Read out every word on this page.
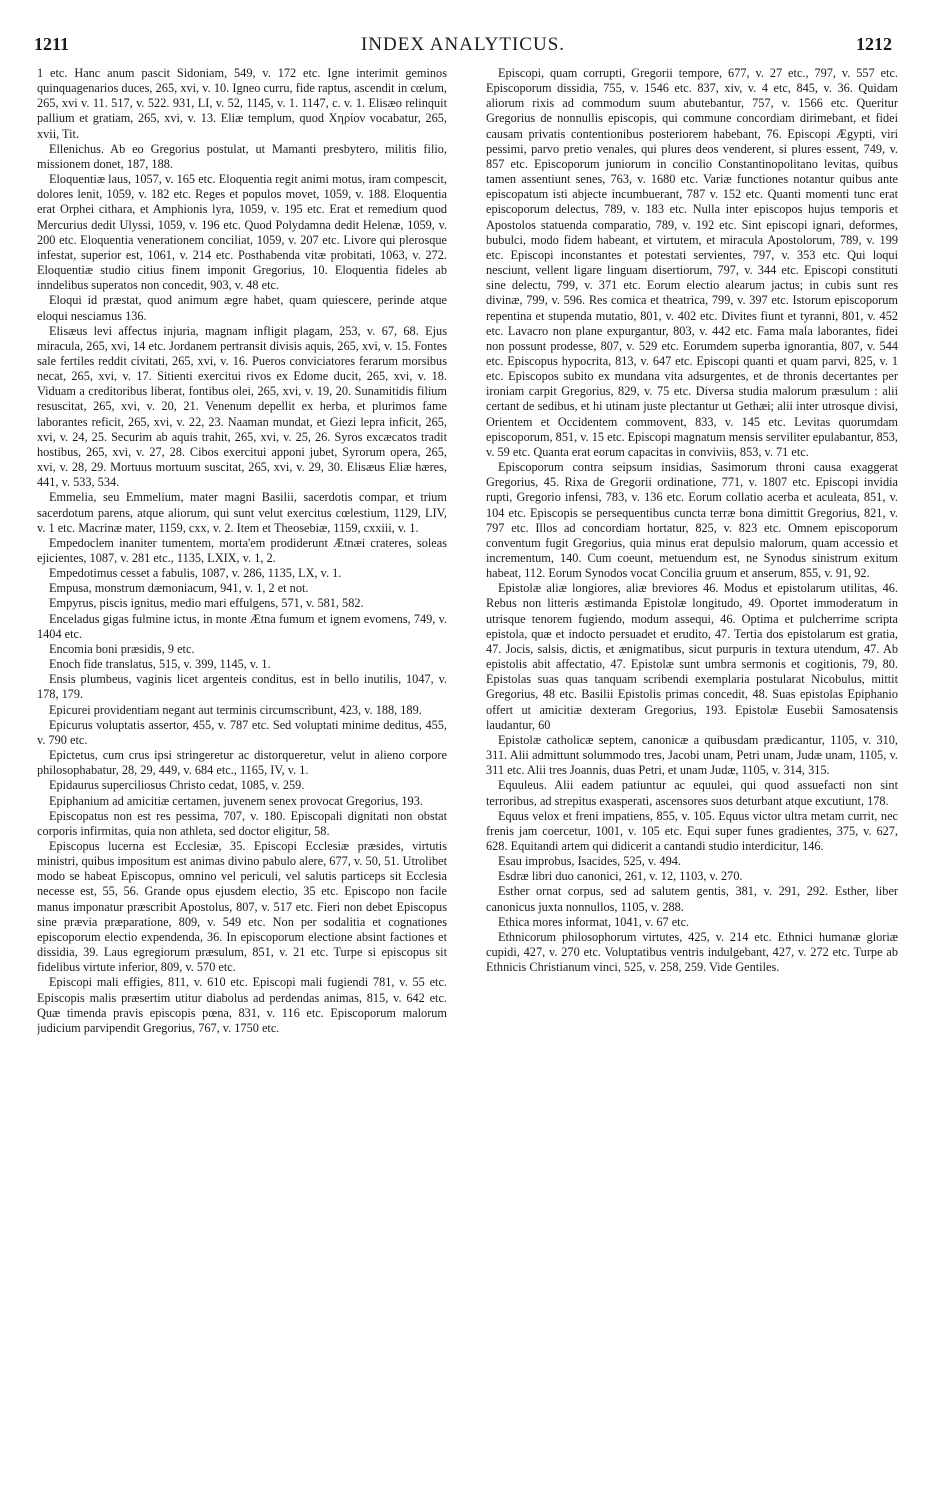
1211	INDEX ANALYTICUS.	1212

1 etc. Hanc anum pascit Sidoniam, 549, v. 172 etc. Igne interimit geminos quinquagenarios duces, 265, xvi, v. 10. Igneo curru, fide raptus, ascendit in cœlum, 265, xvi v. 11. 517, v. 522. 931, LI, v. 52, 1145, v. 1. 1147, c. v. 1. Elisæo relinquit pallium et gratiam, 265, xvi, v. 13. Eliæ templum, quod Χηρίον vocabatur, 265, xvii, Tit.

Ellenichus. Ab eo Gregorius postulat, ut Mamanti presbytero, militis filio, missionem donet, 187, 188.

Eloquentiæ laus, 1057, v. 165 etc. Eloquentia regit animi motus, iram compescit, dolores lenit, 1059, v. 182 etc. Reges et populos movet, 1059, v. 188. Eloquentia erat Orphei cithara, et Amphionis lyra, 1059, v. 195 etc. Erat et remedium quod Mercurius dedit Ulyssi, 1059, v. 196 etc. Quod Polydamna dedit Helenæ, 1059, v. 200 etc. Eloquentia venerationem conciliat, 1059, v. 207 etc. Livore qui plerosque infestat, superior est, 1061, v. 214 etc. Posthabenda vitæ probitati, 1063, v. 272. Eloquentiæ studio citius finem imponit Gregorius, 10. Eloquentia fideles ab inndelibus superatos non concedit, 903, v. 48 etc.

Eloqui id præstat, quod animum ægre habet, quam quiescere, perinde atque eloqui nesciamus 136.

Elisæus levi affectus injuria, magnam infligit plagam, 253, v. 67, 68. Ejus miracula, 265, xvi, 14 etc. Jordanem pertransit divisis aquis, 265, xvi, v. 15. Fontes sale fertiles reddit civitati, 265, xvi, v. 16. Pueros conviciatores ferarum morsibus necat, 265, xvi, v. 17. Sitienti exercitui rivos ex Edome ducit, 265, xvi, v. 18. Viduam a creditoribus liberat, fontibus olei, 265, xvi, v. 19, 20. Sunamitidis filium resuscitat, 265, xvi, v. 20, 21. Venenum depellit ex herba, et plurimos fame laborantes reficit, 265, xvi, v. 22, 23. Naaman mundat, et Giezi lepra inficit, 265, xvi, v. 24, 25. Securim ab aquis trahit, 265, xvi, v. 25, 26. Syros excæcatos tradit hostibus, 265, xvi, v. 27, 28. Cibos exercitui apponi jubet, Syrorum opera, 265, xvi, v. 28, 29. Mortuus mortuum suscitat, 265, xvi, v. 29, 30. Elisæus Eliæ hæres, 441, v. 533, 534.

Emmelia, seu Emmelium, mater magni Basilii, sacerdotis compar, et trium sacerdotum parens, atque aliorum, qui sunt velut exercitus cœlestium, 1129, LIV, v. 1 etc. Macrinæ mater, 1159, cxx, v. 2. Item et Theosebiæ, 1159, cxxiii, v. 1.

Empedoclem inaniter tumentem, morta'em prodiderunt Ætnæi crateres, soleas ejicientes, 1087, v. 281 etc., 1135, LXIX, v. 1, 2.

Empedotimus cesset a fabulis, 1087, v. 286, 1135, LX, v. 1.

Empusa, monstrum dæmoniacum, 941, v. 1, 2 et not.

Empyrus, piscis ignitus, medio mari effulgens, 571, v. 581, 582.

Enceladus gigas fulmine ictus, in monte Ætna fumum et ignem evomens, 749, v. 1404 etc.

Encomia boni præsidis, 9 etc.

Enoch fide translatus, 515, v. 399, 1145, v. 1.

Ensis plumbeus, vaginis licet argenteis conditus, est in bello inutilis, 1047, v. 178, 179.

Epicurei providentiam negant aut terminis circumscribunt, 423, v. 188, 189.

Epicurus voluptatis assertor, 455, v. 787 etc. Sed voluptati minime deditus, 455, v. 790 etc.

Epictetus, cum crus ipsi stringeretur ac distorqueretur, velut in alieno corpore philosophabatur, 28, 29, 449, v. 684 etc., 1165, IV, v. 1.

Epidaurus superciliosus Christo cedat, 1085, v. 259.

Epiphanium ad amicitiæ certamen, juvenem senex provocat Gregorius, 193.

Episcopatus non est res pessima, 707, v. 180. Episcopali dignitati non obstat corporis infirmitas, quia non athleta, sed doctor eligitur, 58.

Episcopus lucerna est Ecclesiæ, 35. Episcopi Ecclesiæ præsides, virtutis ministri, quibus impositum est animas divino pabulo alere, 677, v. 50, 51. Utrolibet modo se habeat Episcopus, omnino vel periculi, vel salutis particeps sit Ecclesia necesse est, 55, 56. Grande opus ejusdem electio, 35 etc. Episcopo non facile manus imponatur præscribit Apostolus, 807, v. 517 etc. Fieri non debet Episcopus sine prævia præparatione, 809, v. 549 etc. Non per sodalitia et cognationes episcoporum electio expendenda, 36. In episcoporum electione absint factiones et dissidia, 39. Laus egregiorum præsulum, 851, v. 21 etc. Turpe si episcopus sit fidelibus virtute inferior, 809, v. 570 etc.

Episcopi mali effigies, 811, v. 610 etc. Episcopi mali fugiendi 781, v. 55 etc. Episcopis malis præsertim utitur diabolus ad perdendas animas, 815, v. 642 etc. Quæ timenda pravis episcopis pœna, 831, v. 116 etc. Episcoporum malorum judicium parvipendit Gregorius, 767, v. 1750 etc.

Episcopi, quam corrupti, Gregorii tempore, 677, v. 27 etc., 797, v. 557 etc. Episcoporum dissidia, 755, v. 1546 etc. 837, xiv, v. 4 etc, 845, v. 36. Quidam aliorum rixis ad commodum suum abutebantur, 757, v. 1566 etc. Queritur Gregorius de nonnullis episcopis, qui commune concordiam dirimebant, et fidei causam privatis contentionibus posteriorem habebant, 76. Episcopi Ægypti, viri pessimi, parvo pretio venales, qui plures deos venderent, si plures essent, 749, v. 857 etc. Episcoporum juniorum in concilio Constantinopolitano levitas, quibus tamen assentiunt senes, 763, v. 1680 etc. Variæ functiones notantur quibus ante episcopatum isti abjecte incumbuerant, 787 v. 152 etc. Quanti momenti tunc erat episcoporum delectus, 789, v. 183 etc. Nulla inter episcopos hujus temporis et Apostolos statuenda comparatio, 789, v. 192 etc. Sint episcopi ignari, deformes, bubulci, modo fidem habeant, et virtutem, et miracula Apostolorum, 789, v. 199 etc. Episcopi inconstantes et potestati servientes, 797, v. 353 etc. Qui loqui nesciunt, vellent ligare linguam disertiorum, 797, v. 344 etc. Episcopi constituti sine delectu, 799, v. 371 etc. Eorum electio alearum jactus; in cubis sunt res divinæ, 799, v. 596. Res comica et theatrica, 799, v. 397 etc. Istorum episcoporum repentina et stupenda mutatio, 801, v. 402 etc. Divites fiunt et tyranni, 801, v. 452 etc. Lavacro non plane expurgantur, 803, v. 442 etc. Fama mala laborantes, fidei non possunt prodesse, 807, v. 529 etc. Eorumdem superba ignorantia, 807, v. 544 etc. Episcopus hypocrita, 813, v. 647 etc. Episcopi quanti et quam parvi, 825, v. 1 etc. Episcopos subito ex mundana vita adsurgentes, et de thronis decertantes per ironiam carpit Gregorius, 829, v. 75 etc. Diversa studia malorum præsulum : alii certant de sedibus, et hi utinam juste plectantur ut Gethæi; alii inter utrosque divisi, Orientem et Occidentem commovent, 833, v. 145 etc. Levitas quorumdam episcoporum, 851, v. 15 etc. Episcopi magnatum mensis serviliter epulabantur, 853, v. 59 etc. Quanta erat eorum capacitas in conviviis, 853, v. 71 etc.

Episcoporum contra seipsum insidias, Sasimorum throni causa exaggerat Gregorius, 45. Rixa de Gregorii ordinatione, 771, v. 1807 etc. Episcopi invidia rupti, Gregorio infensi, 783, v. 136 etc. Eorum collatio acerba et aculeata, 851, v. 104 etc. Episcopis se persequentibus cuncta terræ bona dimittit Gregorius, 821, v. 797 etc. Illos ad concordiam hortatur, 825, v. 823 etc. Omnem episcoporum conventum fugit Gregorius, quia minus erat depulsio malorum, quam accessio et incrementum, 140. Cum coeunt, metuendum est, ne Synodus sinistrum exitum habeat, 112. Eorum Synodos vocat Concilia gruum et anserum, 855, v. 91, 92.

Epistolæ aliæ longiores, aliæ breviores 46. Modus et epistolarum utilitas, 46. Rebus non litteris æstimanda Epistolæ longitudo, 49. Oportet immoderatum in utrisque tenorem fugiendo, modum assequi, 46. Optima et pulcherrime scripta epistola, quæ et indocto persuadet et erudito, 47. Tertia dos epistolarum est gratia, 47. Jocis, salsis, dictis, et ænigmatibus, sicut purpuris in textura utendum, 47. Ab epistolis abit affectatio, 47. Epistolæ sunt umbra sermonis et cogitionis, 79, 80. Epistolas suas quas tanquam scribendi exemplaria postularat Nicobulus, mittit Gregorius, 48 etc. Basilii Epistolis primas concedit, 48. Suas epistolas Epiphanio offert ut amicitiæ dexteram Gregorius, 193. Epistolæ Eusebii Samosatensis laudantur, 60

Epistolæ catholicæ septem, canonicæ a quibusdam prædicantur, 1105, v. 310, 311. Alii admittunt solummodo tres, Jacobi unam, Petri unam, Judæ unam, 1105, v. 311 etc. Alii tres Joannis, duas Petri, et unam Judæ, 1105, v. 314, 315.

Equuleus. Alii eadem patiuntur ac equulei, qui quod assuefacti non sint terroribus, ad strepitus exasperati, ascensores suos deturbant atque excutiunt, 178.

Equus velox et freni impatiens, 855, v. 105. Equus victor ultra metam currit, nec frenis jam coercetur, 1001, v. 105 etc. Equi super funes gradientes, 375, v. 627, 628. Equitandi artem qui didicerit a cantandi studio interdicitur, 146.

Esau improbus, Isacides, 525, v. 494.

Esdræ libri duo canonici, 261, v. 12, 1103, v. 270.

Esther ornat corpus, sed ad salutem gentis, 381, v. 291, 292. Esther, liber canonicus juxta nonnullos, 1105, v. 288.

Ethica mores informat, 1041, v. 67 etc.

Ethnicorum philosophorum virtutes, 425, v. 214 etc. Ethnici humanæ gloriæ cupidi, 427, v. 270 etc. Voluptatibus ventris indulgebant, 427, v. 272 etc. Turpe ab Ethnicis Christianum vinci, 525, v. 258, 259. Vide Gentiles.
